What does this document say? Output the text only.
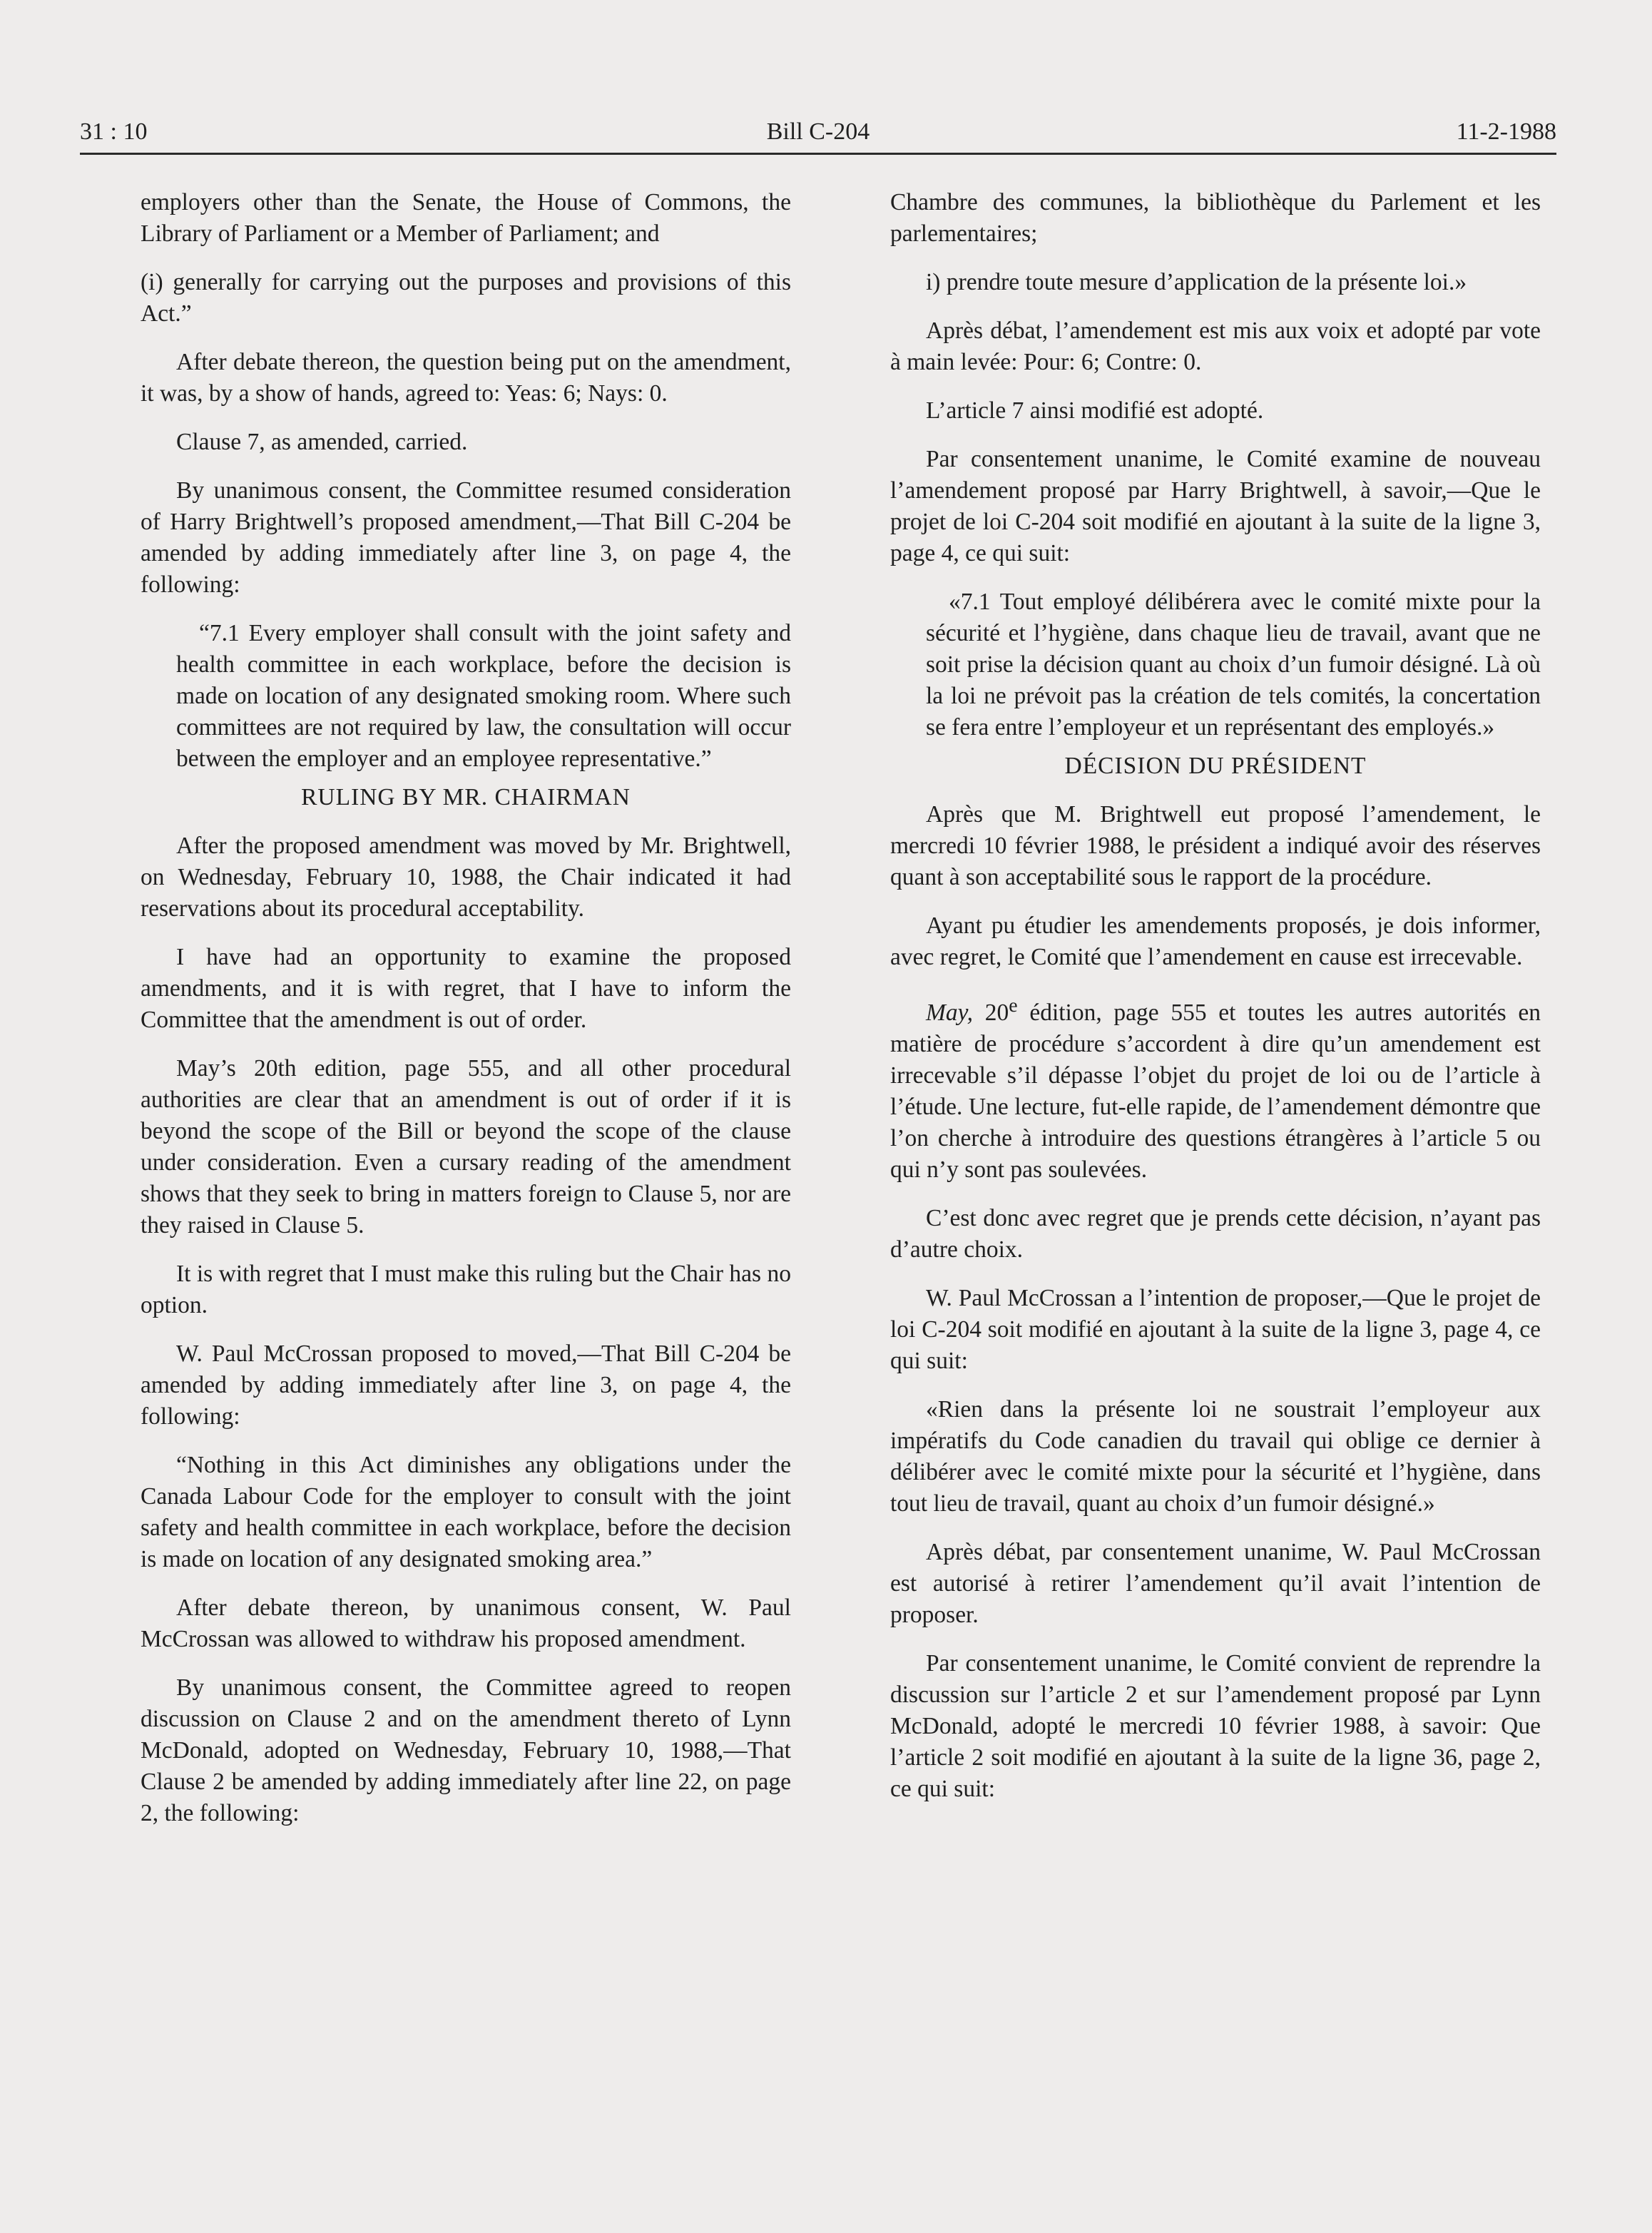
31 : 10	Bill C-204	11-2-1988

employers other than the Senate, the House of Commons, the Library of Parliament or a Member of Parliament; and

(i) generally for carrying out the purposes and provisions of this Act.”

After debate thereon, the question being put on the amendment, it was, by a show of hands, agreed to: Yeas: 6; Nays: 0.

Clause 7, as amended, carried.

By unanimous consent, the Committee resumed consideration of Harry Brightwell’s proposed amendment,—That Bill C-204 be amended by adding immediately after line 3, on page 4, the following:

“7.1 Every employer shall consult with the joint safety and health committee in each workplace, before the decision is made on location of any designated smoking room. Where such committees are not required by law, the consultation will occur between the employer and an employee representative.”

RULING BY MR. CHAIRMAN

After the proposed amendment was moved by Mr. Brightwell, on Wednesday, February 10, 1988, the Chair indicated it had reservations about its procedural acceptability.

I have had an opportunity to examine the proposed amendments, and it is with regret, that I have to inform the Committee that the amendment is out of order.

May’s 20th edition, page 555, and all other procedural authorities are clear that an amendment is out of order if it is beyond the scope of the Bill or beyond the scope of the clause under consideration. Even a cursary reading of the amendment shows that they seek to bring in matters foreign to Clause 5, nor are they raised in Clause 5.

It is with regret that I must make this ruling but the Chair has no option.

W. Paul McCrossan proposed to moved,—That Bill C-204 be amended by adding immediately after line 3, on page 4, the following:

“Nothing in this Act diminishes any obligations under the Canada Labour Code for the employer to consult with the joint safety and health committee in each workplace, before the decision is made on location of any designated smoking area.”

After debate thereon, by unanimous consent, W. Paul McCrossan was allowed to withdraw his proposed amendment.

By unanimous consent, the Committee agreed to reopen discussion on Clause 2 and on the amendment thereto of Lynn McDonald, adopted on Wednesday, February 10, 1988,—That Clause 2 be amended by adding immediately after line 22, on page 2, the following:

Chambre des communes, la bibliothèque du Parlement et les parlementaires;

i) prendre toute mesure d’application de la présente loi.»

Après débat, l’amendement est mis aux voix et adopté par vote à main levée: Pour: 6; Contre: 0.

L’article 7 ainsi modifié est adopté.

Par consentement unanime, le Comité examine de nouveau l’amendement proposé par Harry Brightwell, à savoir,—Que le projet de loi C-204 soit modifié en ajoutant à la suite de la ligne 3, page 4, ce qui suit:

«7.1 Tout employé délibérera avec le comité mixte pour la sécurité et l’hygiène, dans chaque lieu de travail, avant que ne soit prise la décision quant au choix d’un fumoir désigné. Là où la loi ne prévoit pas la création de tels comités, la concertation se fera entre l’employeur et un représentant des employés.»

DÉCISION DU PRÉSIDENT

Après que M. Brightwell eut proposé l’amendement, le mercredi 10 février 1988, le président a indiqué avoir des réserves quant à son acceptabilité sous le rapport de la procédure.

Ayant pu étudier les amendements proposés, je dois informer, avec regret, le Comité que l’amendement en cause est irrecevable.

May, 20e édition, page 555 et toutes les autres autorités en matière de procédure s’accordent à dire qu’un amendement est irrecevable s’il dépasse l’objet du projet de loi ou de l’article à l’étude. Une lecture, fut-elle rapide, de l’amendement démontre que l’on cherche à introduire des questions étrangères à l’article 5 ou qui n’y sont pas soulevées.

C’est donc avec regret que je prends cette décision, n’ayant pas d’autre choix.

W. Paul McCrossan a l’intention de proposer,—Que le projet de loi C-204 soit modifié en ajoutant à la suite de la ligne 3, page 4, ce qui suit:

«Rien dans la présente loi ne soustrait l’employeur aux impératifs du Code canadien du travail qui oblige ce dernier à délibérer avec le comité mixte pour la sécurité et l’hygiène, dans tout lieu de travail, quant au choix d’un fumoir désigné.»

Après débat, par consentement unanime, W. Paul McCrossan est autorisé à retirer l’amendement qu’il avait l’intention de proposer.

Par consentement unanime, le Comité convient de reprendre la discussion sur l’article 2 et sur l’amendement proposé par Lynn McDonald, adopté le mercredi 10 février 1988, à savoir: Que l’article 2 soit modifié en ajoutant à la suite de la ligne 36, page 2, ce qui suit:
